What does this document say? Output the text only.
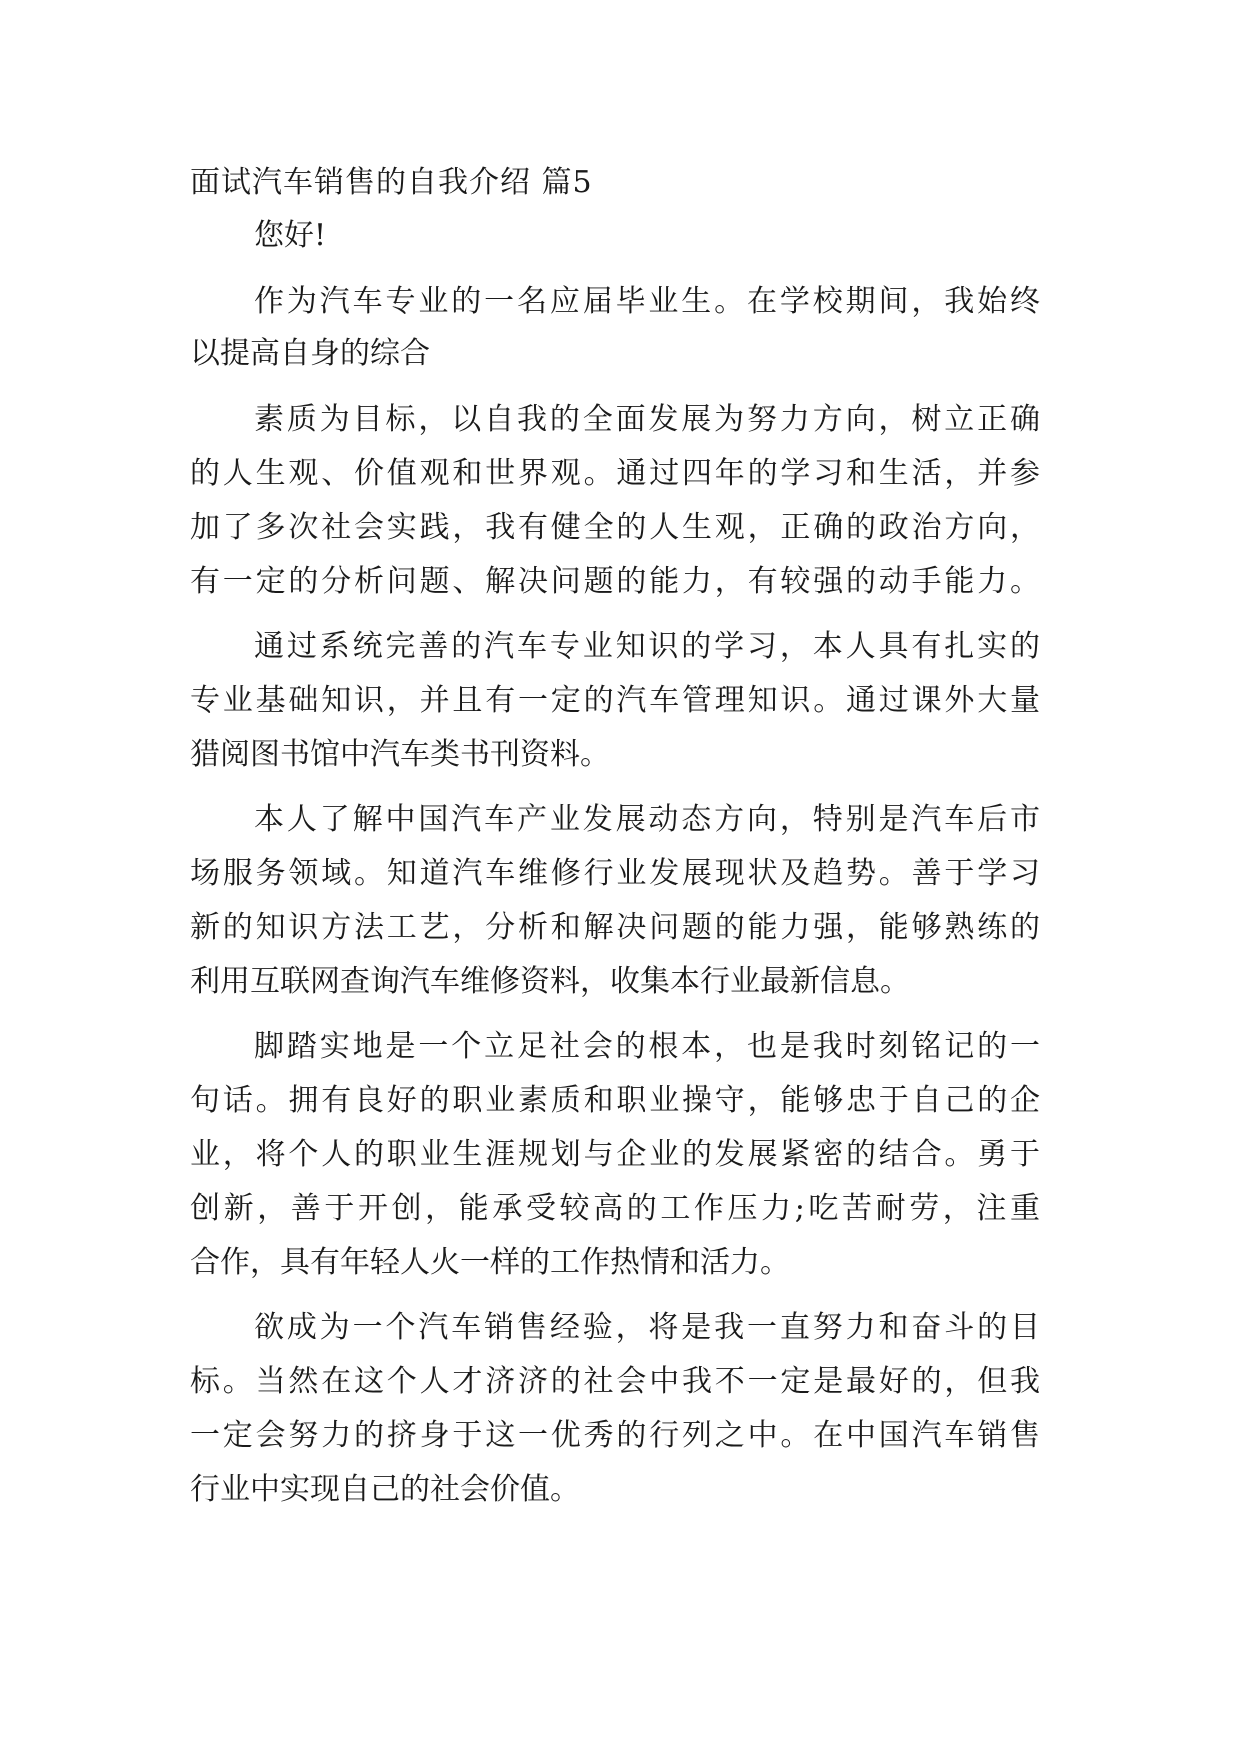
面试汽车销售的自我介绍 篇5
您好!
作为汽车专业的一名应届毕业生。在学校期间，我始终
以提高自身的综合
素质为目标，以自我的全面发展为努力方向，树立正确
的人生观、价值观和世界观。通过四年的学习和生活，并参
加了多次社会实践，我有健全的人生观，正确的政治方向，
有一定的分析问题、解决问题的能力，有较强的动手能力。
通过系统完善的汽车专业知识的学习，本人具有扎实的
专业基础知识，并且有一定的汽车管理知识。通过课外大量
猎阅图书馆中汽车类书刊资料。
本人了解中国汽车产业发展动态方向，特别是汽车后市
场服务领域。知道汽车维修行业发展现状及趋势。善于学习
新的知识方法工艺，分析和解决问题的能力强，能够熟练的
利用互联网查询汽车维修资料，收集本行业最新信息。
脚踏实地是一个立足社会的根本，也是我时刻铭记的一
句话。拥有良好的职业素质和职业操守，能够忠于自己的企
业，将个人的职业生涯规划与企业的发展紧密的结合。勇于
创新，善于开创，能承受较高的工作压力;吃苦耐劳，注重
合作，具有年轻人火一样的工作热情和活力。
欲成为一个汽车销售经验，将是我一直努力和奋斗的目
标。当然在这个人才济济的社会中我不一定是最好的，但我
一定会努力的挤身于这一优秀的行列之中。在中国汽车销售
行业中实现自己的社会价值。
